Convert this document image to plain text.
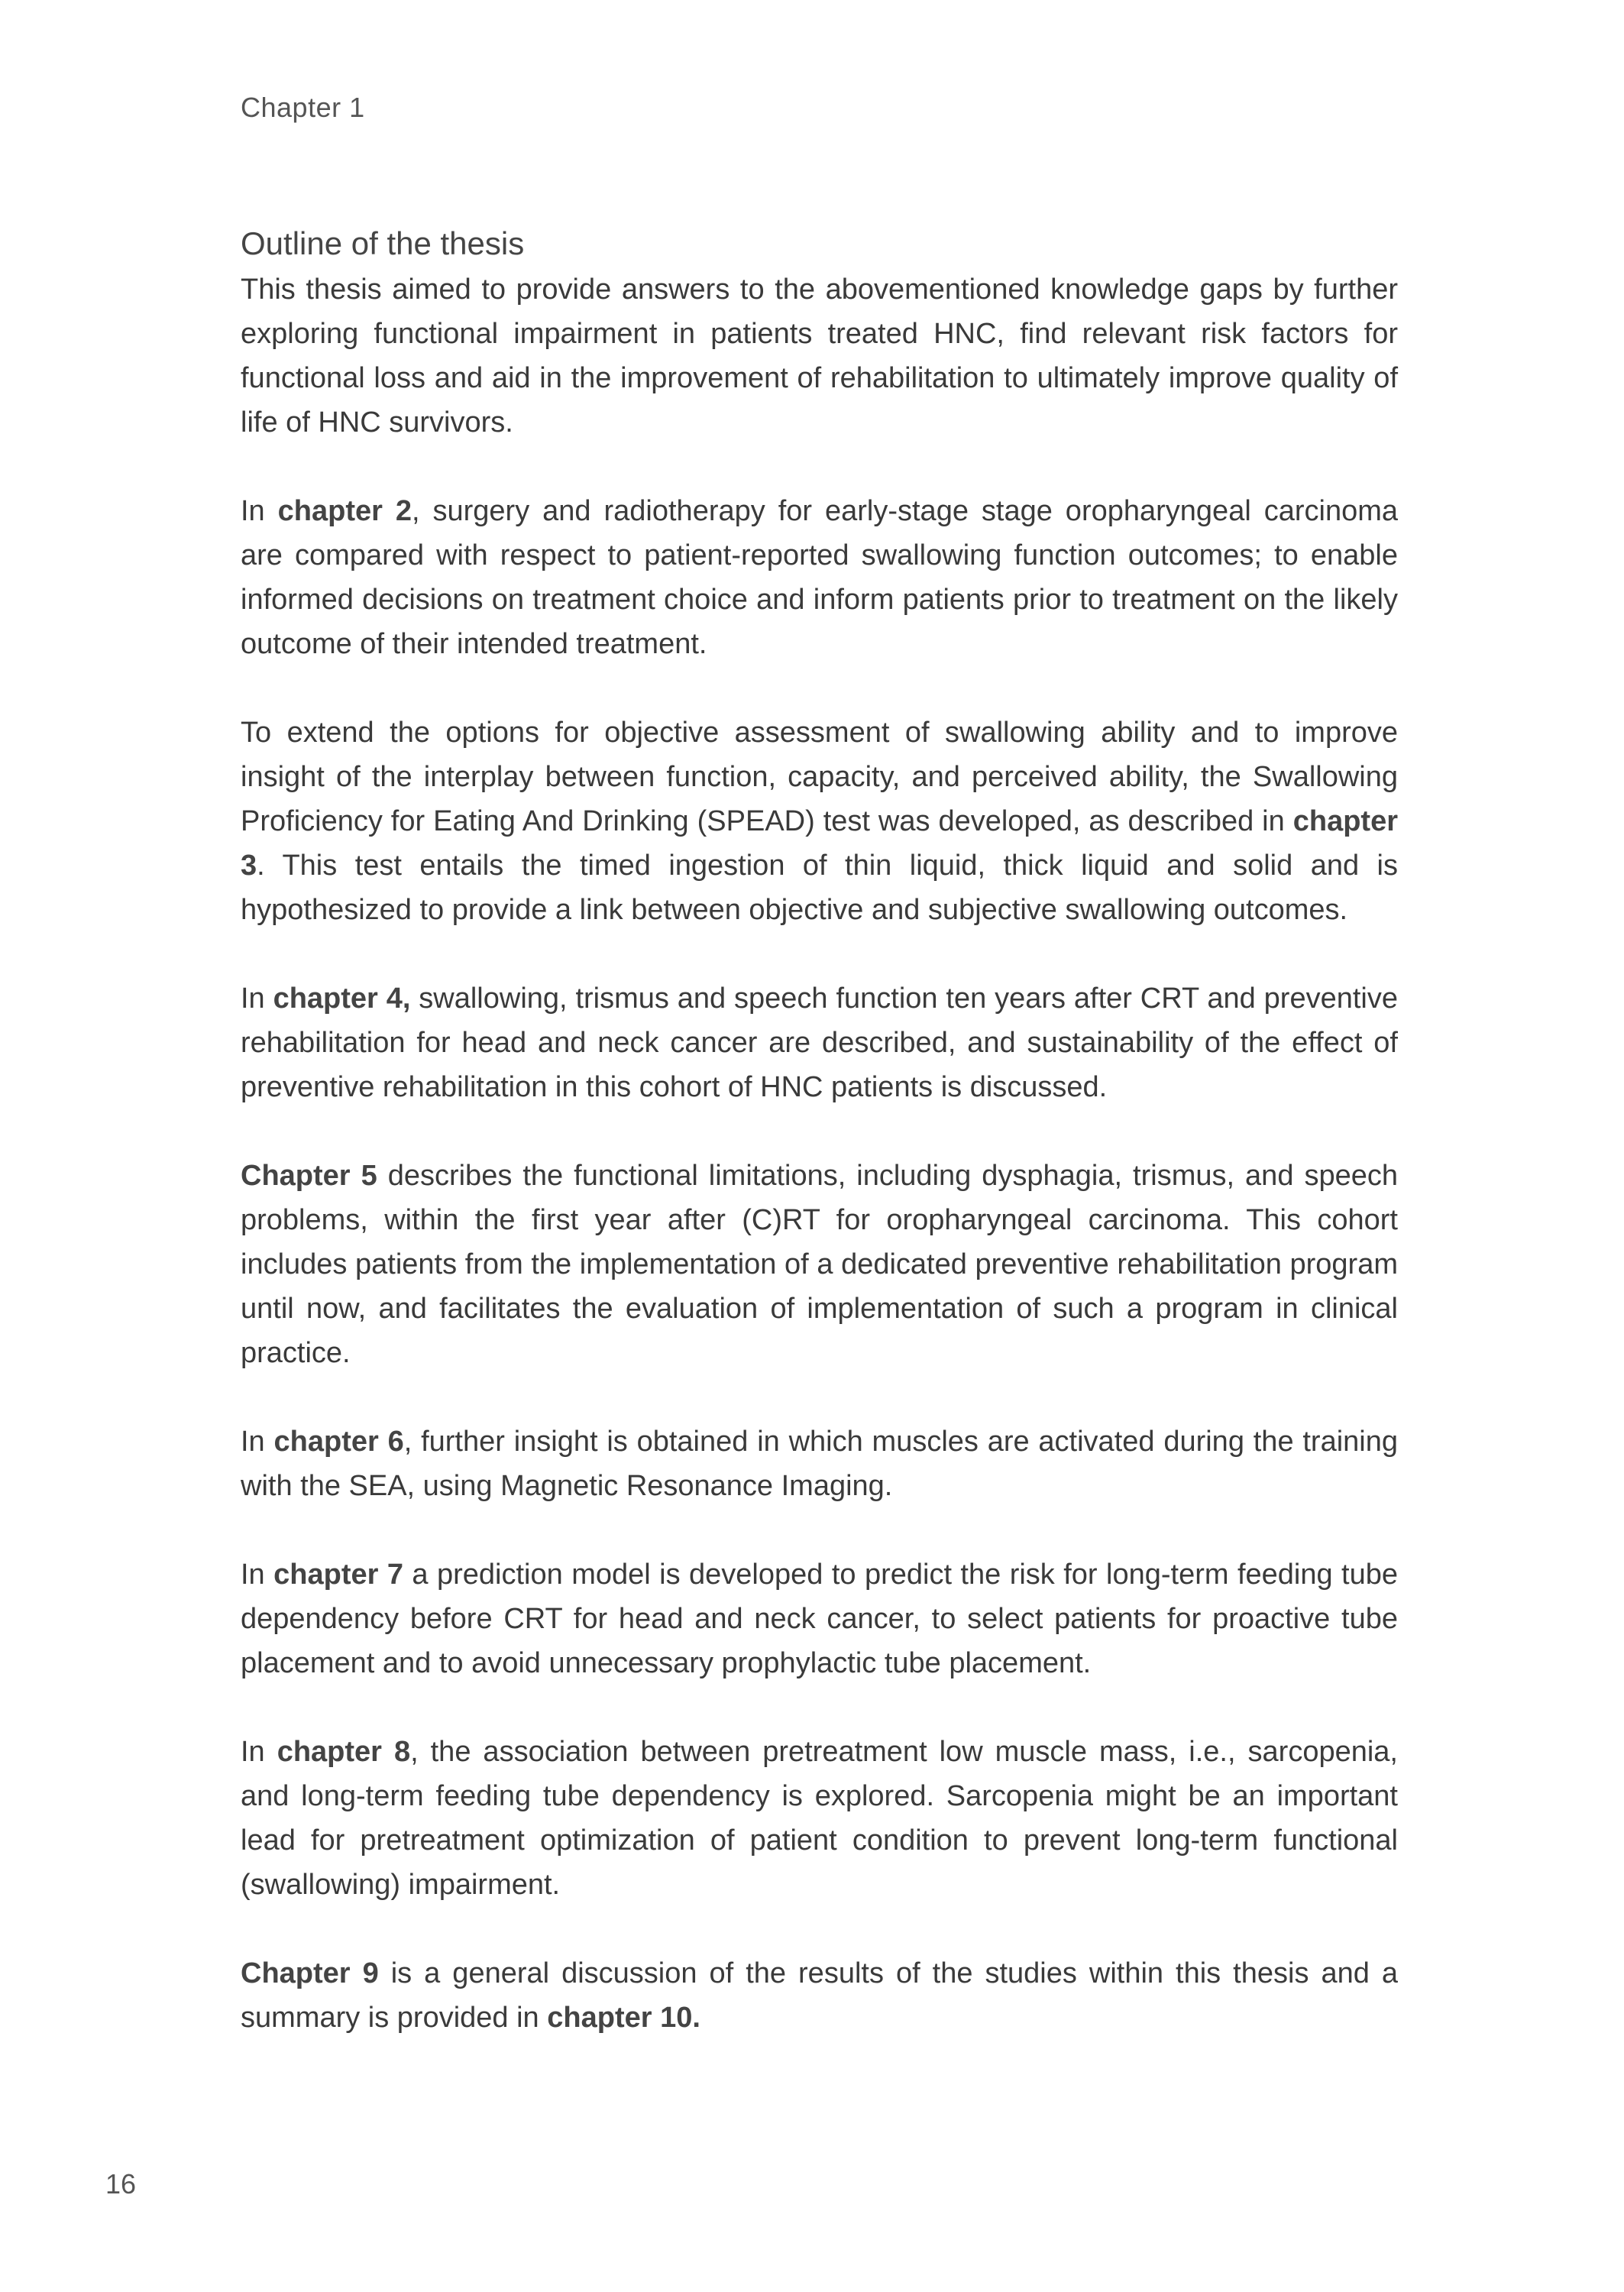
Chapter 1
Outline of the thesis

This thesis aimed to provide answers to the abovementioned knowledge gaps by further exploring functional impairment in patients treated HNC, find relevant risk factors for functional loss and aid in the improvement of rehabilitation to ultimately improve quality of life of HNC survivors.

In chapter 2, surgery and radiotherapy for early-stage stage oropharyngeal carcinoma are compared with respect to patient-reported swallowing function outcomes; to enable informed decisions on treatment choice and inform patients prior to treatment on the likely outcome of their intended treatment.

To extend the options for objective assessment of swallowing ability and to improve insight of the interplay between function, capacity, and perceived ability, the Swallowing Proficiency for Eating And Drinking (SPEAD) test was developed, as described in chapter 3. This test entails the timed ingestion of thin liquid, thick liquid and solid and is hypothesized to provide a link between objective and subjective swallowing outcomes.

In chapter 4, swallowing, trismus and speech function ten years after CRT and preventive rehabilitation for head and neck cancer are described, and sustainability of the effect of preventive rehabilitation in this cohort of HNC patients is discussed.

Chapter 5 describes the functional limitations, including dysphagia, trismus, and speech problems, within the first year after (C)RT for oropharyngeal carcinoma. This cohort includes patients from the implementation of a dedicated preventive rehabilitation program until now, and facilitates the evaluation of implementation of such a program in clinical practice.

In chapter 6, further insight is obtained in which muscles are activated during the training with the SEA, using Magnetic Resonance Imaging.

In chapter 7 a prediction model is developed to predict the risk for long-term feeding tube dependency before CRT for head and neck cancer, to select patients for proactive tube placement and to avoid unnecessary prophylactic tube placement.

In chapter 8, the association between pretreatment low muscle mass, i.e., sarcopenia, and long-term feeding tube dependency is explored. Sarcopenia might be an important lead for pretreatment optimization of patient condition to prevent long-term functional (swallowing) impairment.

Chapter 9 is a general discussion of the results of the studies within this thesis and a summary is provided in chapter 10.

16
